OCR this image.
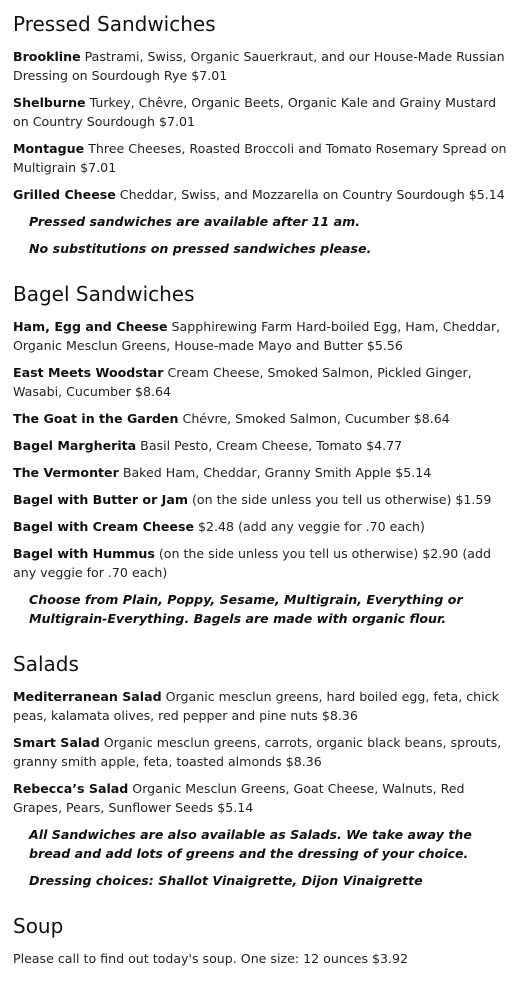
Pressed Sandwiches

Brookline Pastrami, Swiss, Organic Sauerkraut, and our House-Made Russian Dressing on Sourdough Rye $7.01

Shelburne Turkey, Chêvre, Organic Beets, Organic Kale and Grainy Mustard on Country Sourdough $7.01

Montague Three Cheeses, Roasted Broccoli and Tomato Rosemary Spread on Multigrain $7.01

Grilled Cheese Cheddar, Swiss, and Mozzarella on Country Sourdough $5.14

Pressed sandwiches are available after 11 am.

No substitutions on pressed sandwiches please.

Bagel Sandwiches

Ham, Egg and Cheese Sapphirewing Farm Hard-boiled Egg, Ham, Cheddar, Organic Mesclun Greens, House-made Mayo and Butter $5.56

East Meets Woodstar Cream Cheese, Smoked Salmon, Pickled Ginger, Wasabi, Cucumber $8.64

The Goat in the Garden Chévre, Smoked Salmon, Cucumber $8.64

Bagel Margherita Basil Pesto, Cream Cheese, Tomato $4.77

The Vermonter Baked Ham, Cheddar, Granny Smith Apple $5.14

Bagel with Butter or Jam (on the side unless you tell us otherwise) $1.59

Bagel with Cream Cheese $2.48 (add any veggie for .70 each)

Bagel with Hummus (on the side unless you tell us otherwise) $2.90 (add any veggie for .70 each)

Choose from Plain, Poppy, Sesame, Multigrain, Everything or Multigrain-Everything. Bagels are made with organic flour.

Salads

Mediterranean Salad Organic mesclun greens, hard boiled egg, feta, chick peas, kalamata olives, red pepper and pine nuts $8.36

Smart Salad Organic mesclun greens, carrots, organic black beans, sprouts, granny smith apple, feta, toasted almonds $8.36

Rebecca’s Salad Organic Mesclun Greens, Goat Cheese, Walnuts, Red Grapes, Pears, Sunflower Seeds $5.14

All Sandwiches are also available as Salads. We take away the bread and add lots of greens and the dressing of your choice.

Dressing choices: Shallot Vinaigrette, Dijon Vinaigrette

Soup

Please call to find out today's soup. One size: 12 ounces $3.92
